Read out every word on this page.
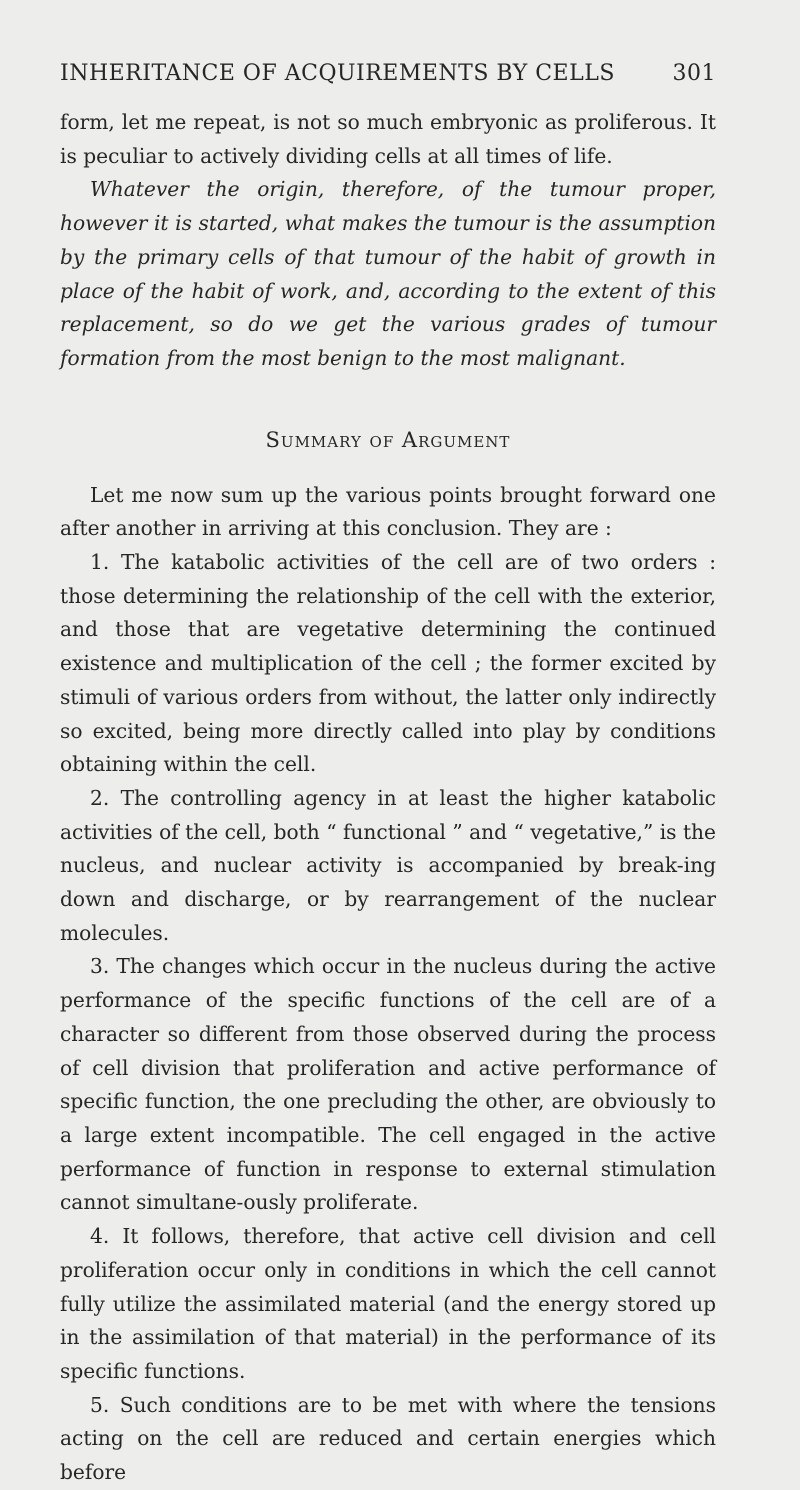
INHERITANCE OF ACQUIREMENTS BY CELLS	301

form, let me repeat, is not so much embryonic as proliferous. It is peculiar to actively dividing cells at all times of life.

Whatever the origin, therefore, of the tumour proper, however it is started, what makes the tumour is the assumption by the primary cells of that tumour of the habit of growth in place of the habit of work, and, according to the extent of this replacement, so do we get the various grades of tumour formation from the most benign to the most malignant.

Summary of Argument

Let me now sum up the various points brought forward one after another in arriving at this conclusion. They are :

1. The katabolic activities of the cell are of two orders : those determining the relationship of the cell with the exterior, and those that are vegetative determining the continued existence and multiplication of the cell ; the former excited by stimuli of various orders from without, the latter only indirectly so excited, being more directly called into play by conditions obtaining within the cell.

2. The controlling agency in at least the higher katabolic activities of the cell, both “ functional ” and “ vegetative,” is the nucleus, and nuclear activity is accompanied by break-ing down and discharge, or by rearrangement of the nuclear molecules.

3. The changes which occur in the nucleus during the active performance of the specific functions of the cell are of a character so different from those observed during the process of cell division that proliferation and active performance of specific function, the one precluding the other, are obviously to a large extent incompatible. The cell engaged in the active performance of function in response to external stimulation cannot simultane-ously proliferate.

4. It follows, therefore, that active cell division and cell proliferation occur only in conditions in which the cell cannot fully utilize the assimilated material (and the energy stored up in the assimilation of that material) in the performance of its specific functions.

5. Such conditions are to be met with where the tensions acting on the cell are reduced and certain energies which before
